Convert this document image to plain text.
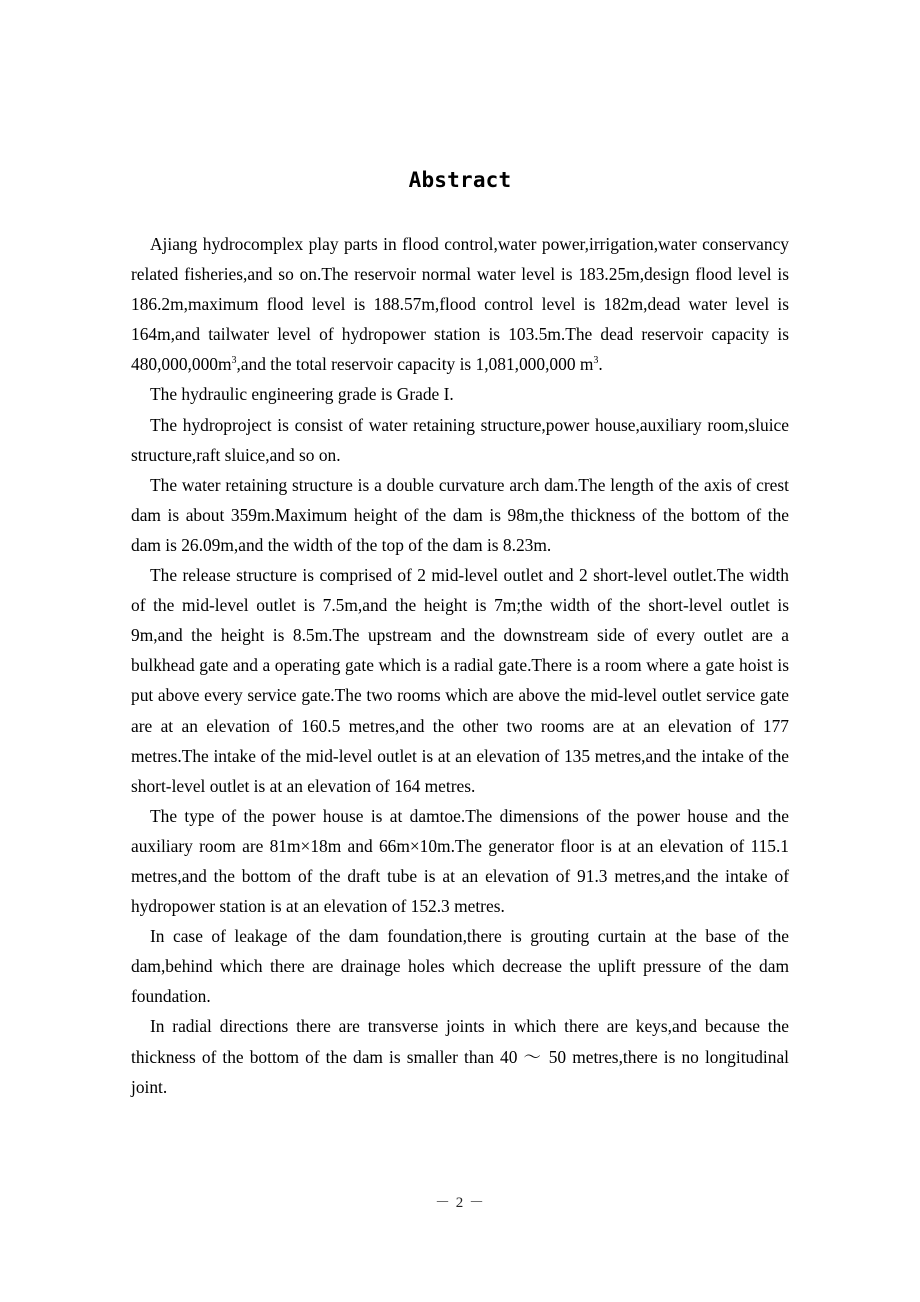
Abstract

Ajiang hydrocomplex play parts in flood control,water power,irrigation,water conservancy related fisheries,and so on.The reservoir normal water level is 183.25m,design flood level is 186.2m,maximum flood level is 188.57m,flood control level is 182m,dead water level is 164m,and tailwater level of hydropower station is 103.5m.The dead reservoir capacity is $480,000,000m^3,and$ the total reservoir capacity is 1,081,000,000 $m^3$.

The hydraulic engineering grade is Grade I.

The hydroproject is consist of water retaining structure,power house,auxiliary room,sluice structure,raft sluice,and so on.

The water retaining structure is a double curvature arch dam.The length of the axis of crest dam is about 359m.Maximum height of the dam is 98m,the thickness of the bottom of the dam is 26.09m,and the width of the top of the dam is 8.23m.

The release structure is comprised of 2 mid-level outlet and 2 short-level outlet.The width of the mid-level outlet is 7.5m,and the height is 7m;the width of the short-level outlet is 9m,and the height is 8.5m.The upstream and the downstream side of every outlet are a bulkhead gate and a operating gate which is a radial gate.There is a room where a gate hoist is put above every service gate.The two rooms which are above the mid-level outlet service gate are at an elevation of 160.5 metres,and the other two rooms are at an elevation of 177 metres.The intake of the mid-level outlet is at an elevation of 135 metres,and the intake of the short-level outlet is at an elevation of 164 metres.

The type of the power house is at damtoe.The dimensions of the power house and the auxiliary room are 81m×18m and 66m×10m.The generator floor is at an elevation of 115.1 metres,and the bottom of the draft tube is at an elevation of 91.3 metres,and the intake of hydropower station is at an elevation of 152.3 metres.

In case of leakage of the dam foundation,there is grouting curtain at the base of the dam,behind which there are drainage holes which decrease the uplift pressure of the dam foundation.

In radial directions there are transverse joints in which there are keys,and because the thickness of the bottom of the dam is smaller than 40 ～ 50 metres,there is no longitudinal joint.

－ 2 －
